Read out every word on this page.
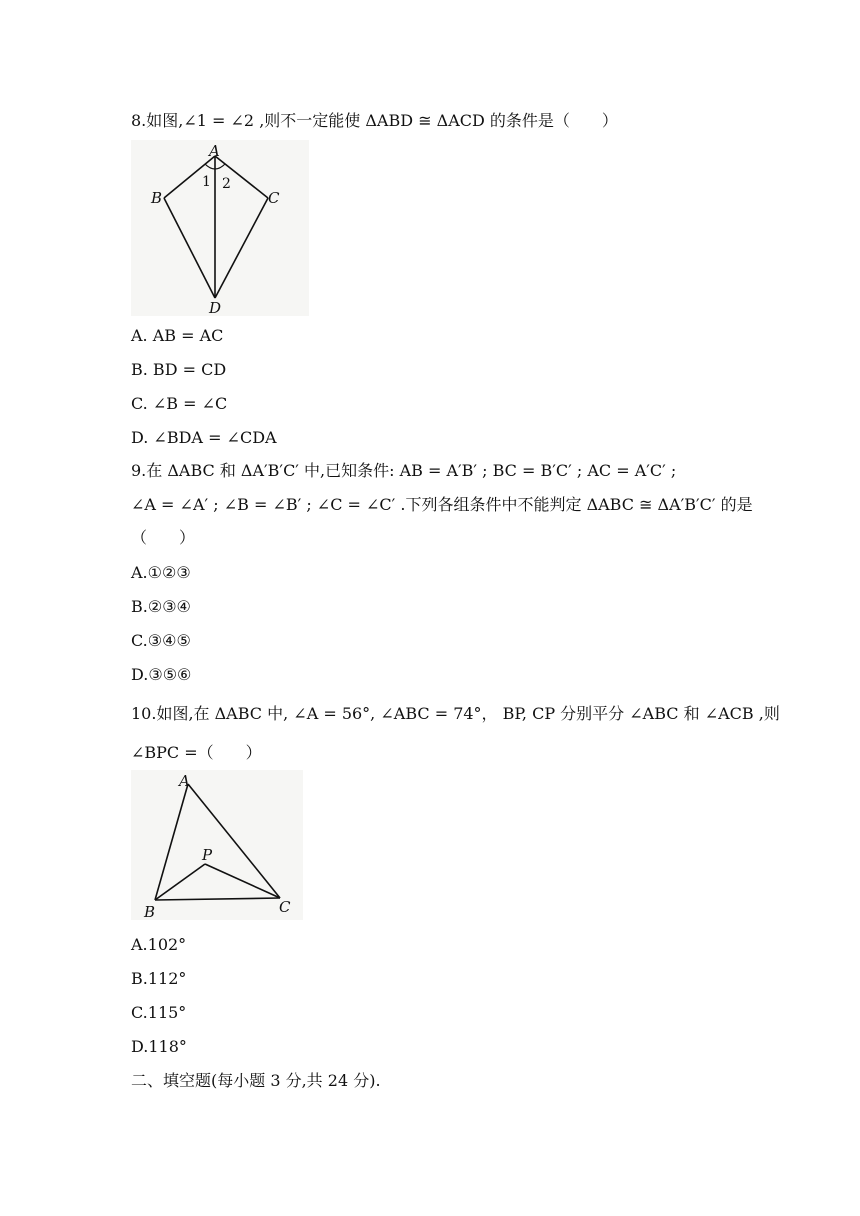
8.如图,∠1 = ∠2 ,则不一定能使 ΔABD ≅ ΔACD 的条件是（　　）
A
B	C
D
1 2
A. AB = AC
B. BD = CD
C. ∠B = ∠C
D. ∠BDA = ∠CDA
9.在 ΔABC 和 ΔA′B′C′ 中,已知条件: AB = A′B′ ; BC = B′C′ ; AC = A′C′ ;
∠A = ∠A′ ; ∠B = ∠B′ ; ∠C = ∠C′ .下列各组条件中不能判定 ΔABC ≅ ΔA′B′C′ 的是
（　　）
A.①②③
B.②③④
C.③④⑤
D.③⑤⑥
10.如图,在 ΔABC 中, ∠A = 56°, ∠ABC = 74°， BP, CP 分别平分 ∠ABC 和 ∠ACB ,则
∠BPC =（　　）
A
B	C
P
A.102°
B.112°
C.115°
D.118°
二、填空题(每小题 3 分,共 24 分).
